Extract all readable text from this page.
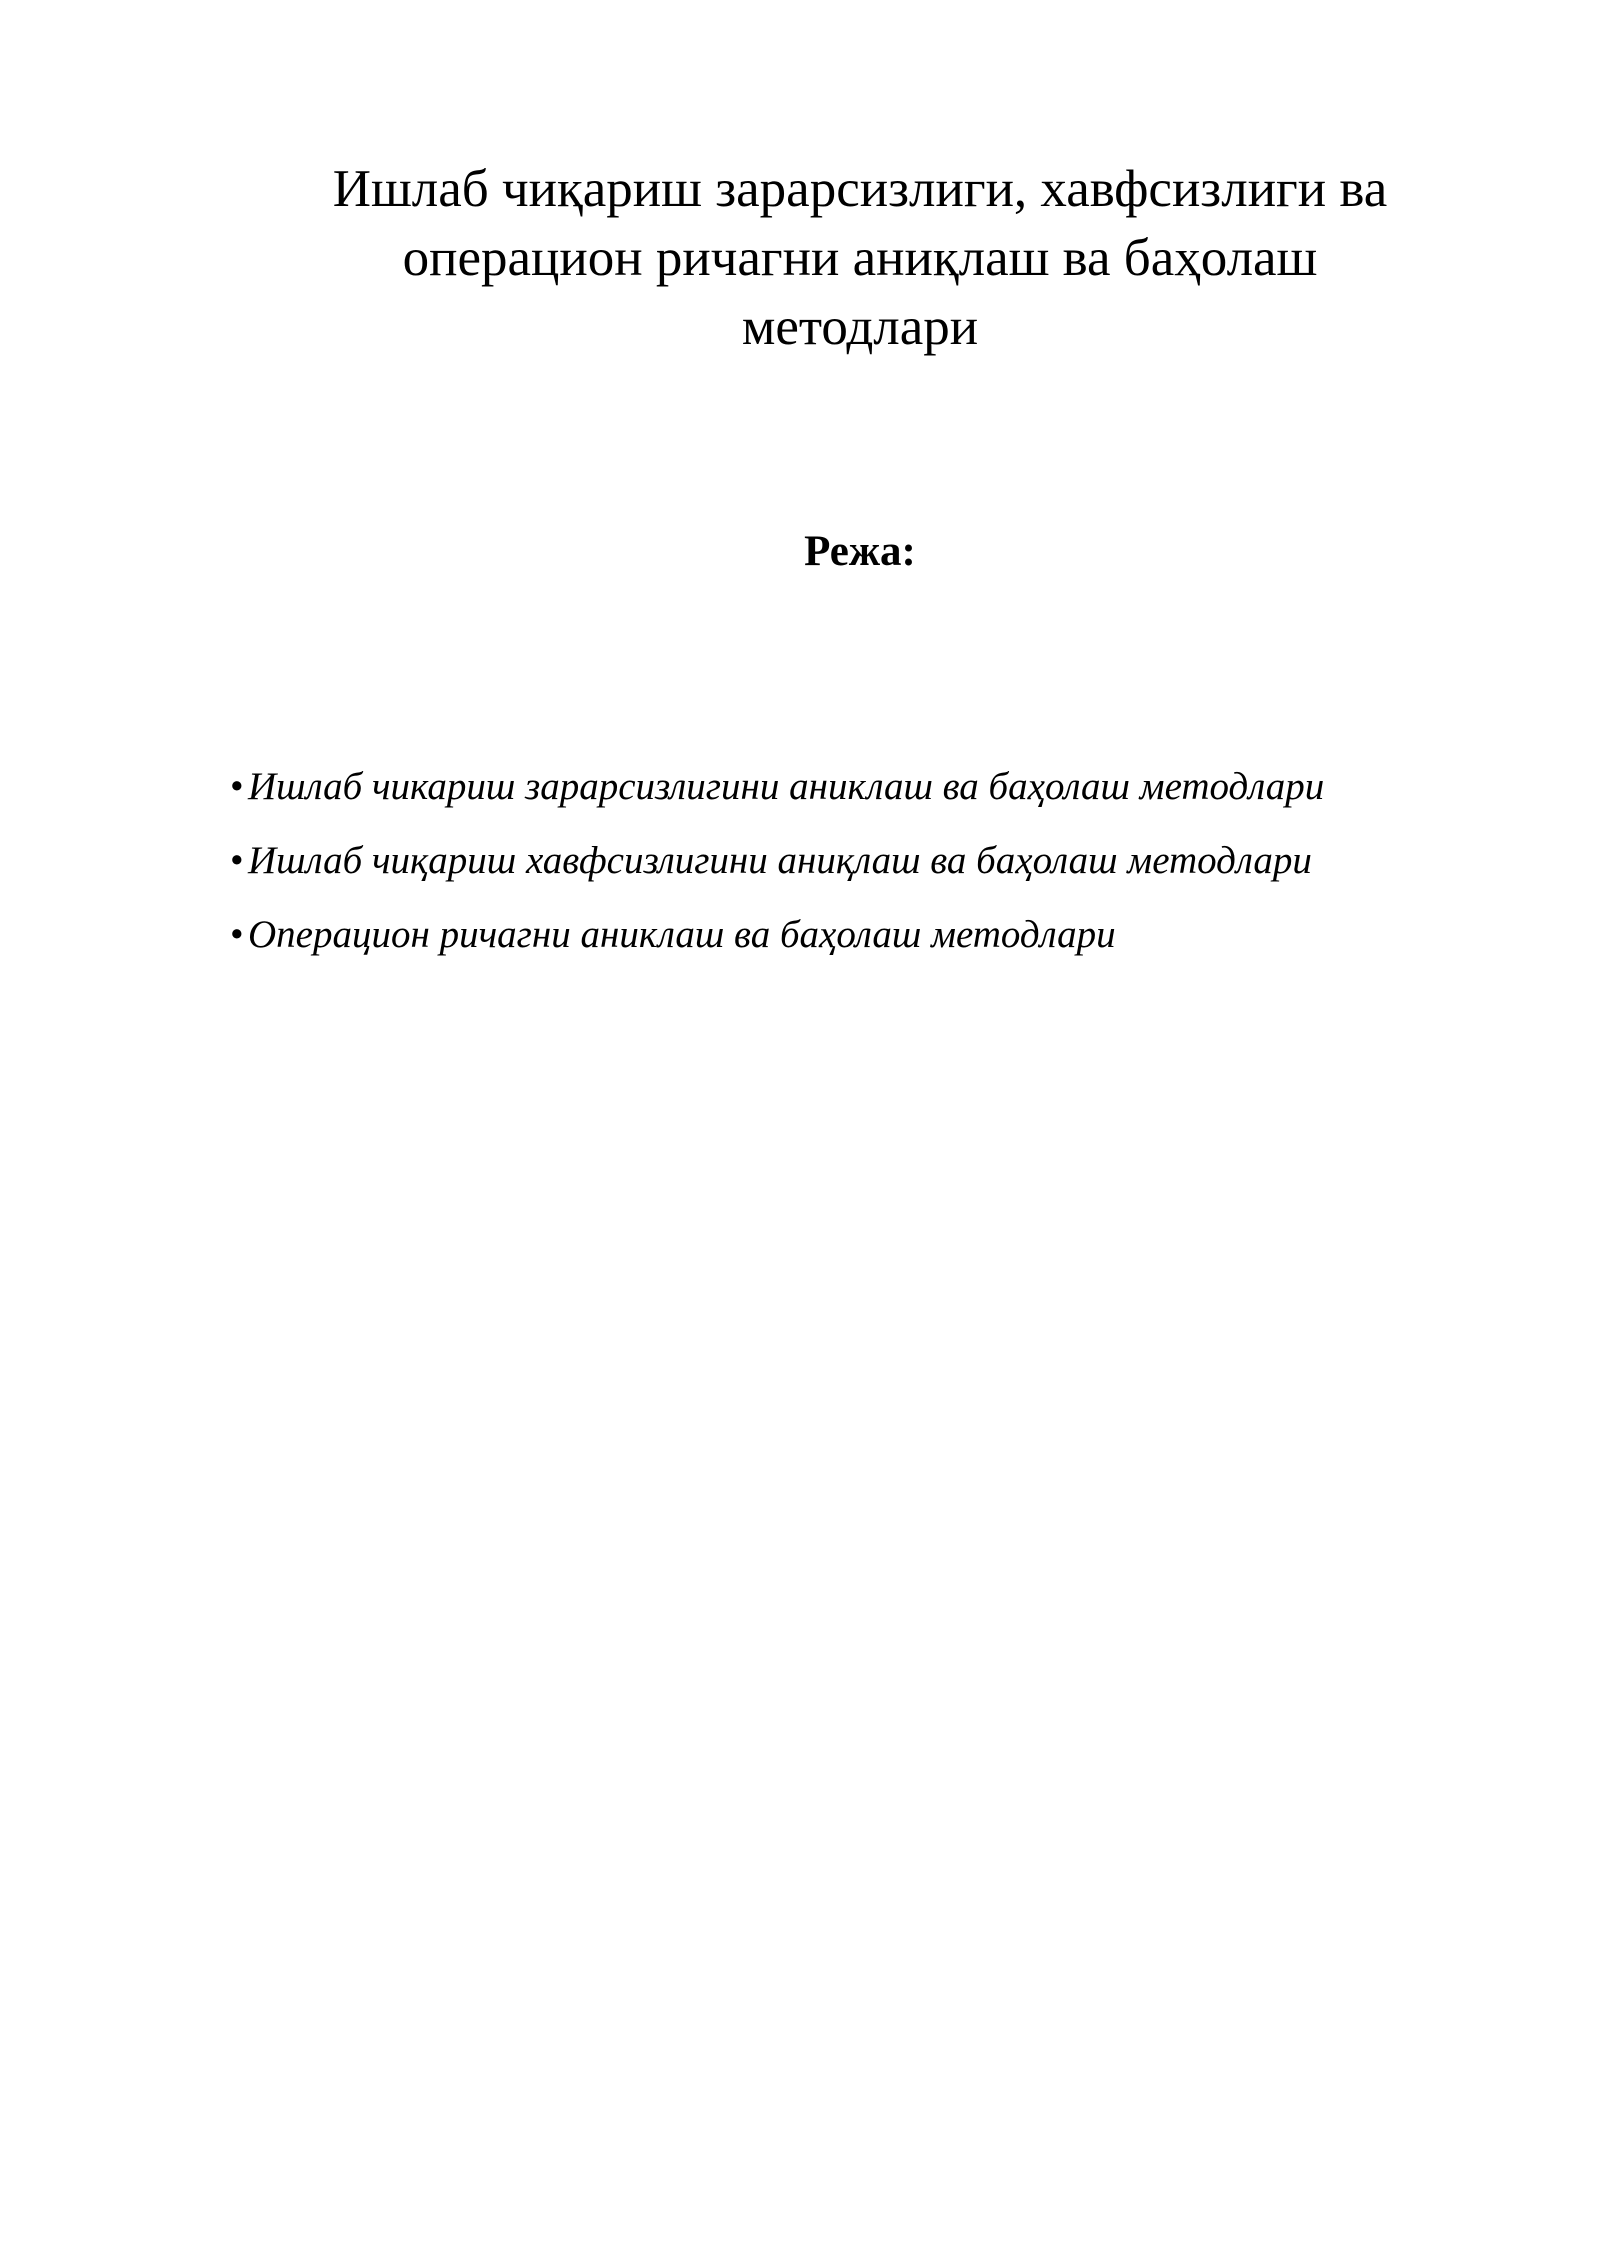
Ишлаб чиқариш зарарсизлиги, хавфсизлиги ва
операцион ричагни аниқлаш ва баҳолаш
методлари
Режа:
• Ишлаб чикариш зарарсизлигини аниклаш ва баҳолаш методлари
• Ишлаб чиқариш хавфсизлигини аниқлаш ва баҳолаш методлари
• Операцион ричагни аниклаш ва баҳолаш методлари
